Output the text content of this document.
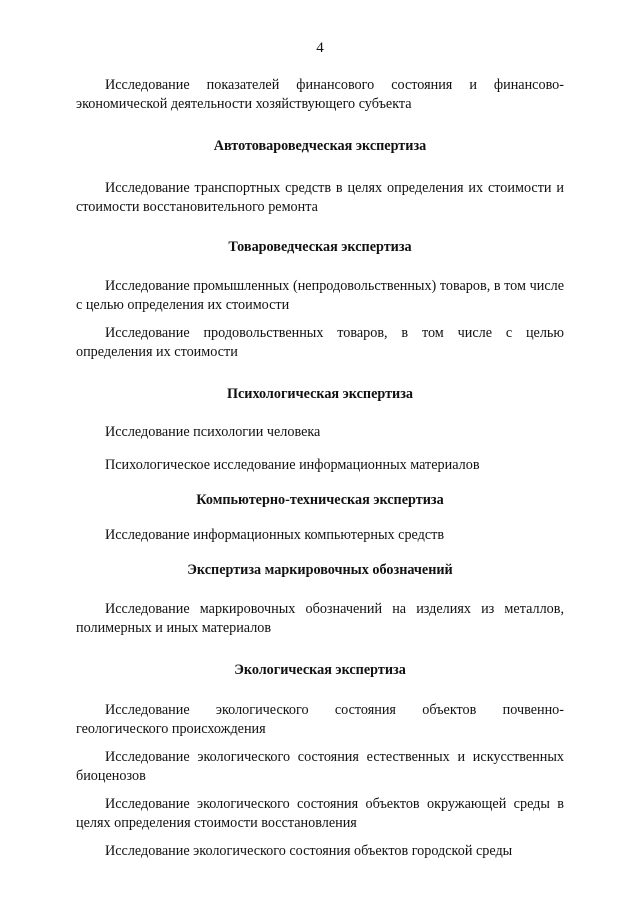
4

Исследование показателей финансового состояния и финансово-экономической деятельности хозяйствующего субъекта

Автотовароведческая экспертиза

Исследование транспортных средств в целях определения их стоимости и стоимости восстановительного ремонта

Товароведческая экспертиза

Исследование промышленных (непродовольственных) товаров, в том числе с целью определения их стоимости

Исследование продовольственных товаров, в том числе с целью определения их стоимости

Психологическая экспертиза

Исследование психологии человека

Психологическое исследование информационных материалов

Компьютерно-техническая экспертиза

Исследование информационных компьютерных средств

Экспертиза маркировочных обозначений

Исследование маркировочных обозначений на изделиях из металлов, полимерных и иных материалов

Экологическая экспертиза

Исследование экологического состояния объектов почвенно-геологического происхождения

Исследование экологического состояния естественных и искусственных биоценозов

Исследование экологического состояния объектов окружающей среды в целях определения стоимости восстановления

Исследование экологического состояния объектов городской среды
